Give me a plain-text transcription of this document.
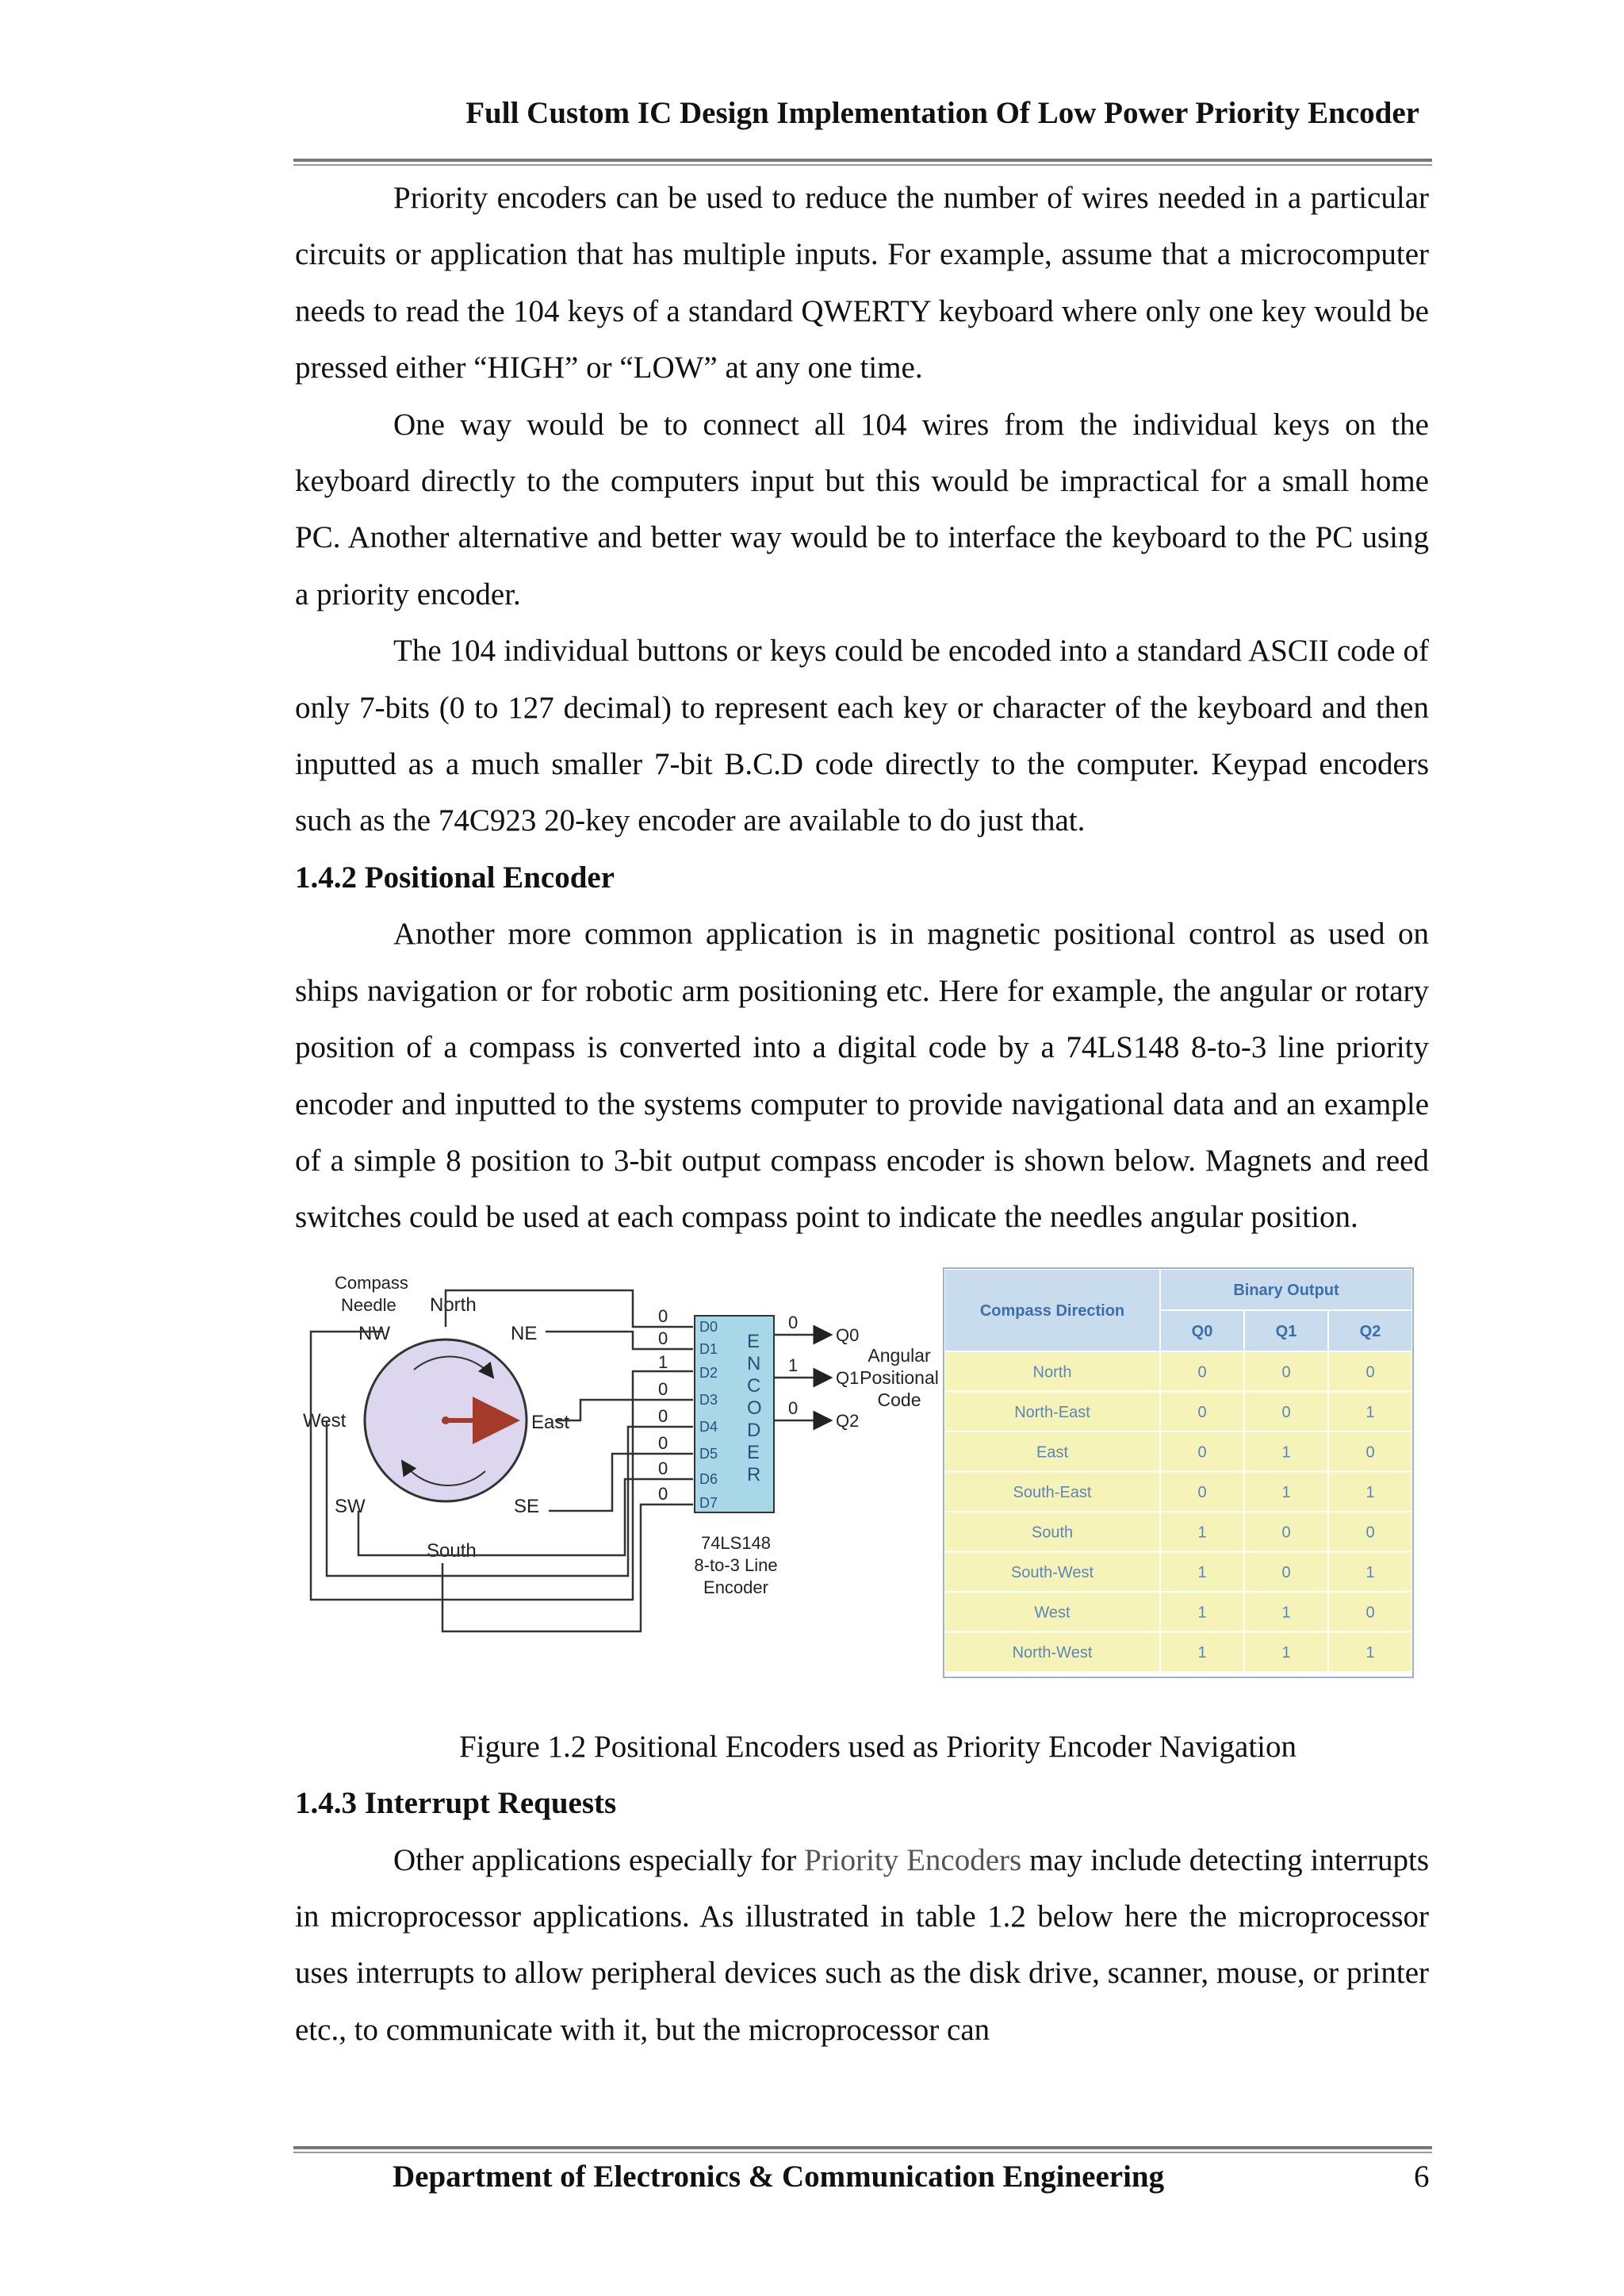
Full Custom IC Design Implementation Of Low Power Priority Encoder

Priority encoders can be used to reduce the number of wires needed in a particular circuits or application that has multiple inputs. For example, assume that a microcomputer needs to read the 104 keys of a standard QWERTY keyboard where only one key would be pressed either “HIGH” or “LOW” at any one time.

One way would be to connect all 104 wires from the individual keys on the keyboard directly to the computers input but this would be impractical for a small home PC. Another alternative and better way would be to interface the keyboard to the PC using a priority encoder.

The 104 individual buttons or keys could be encoded into a standard ASCII code of only 7-bits (0 to 127 decimal) to represent each key or character of the keyboard and then inputted as a much smaller 7-bit B.C.D code directly to the computer. Keypad encoders such as the 74C923 20-key encoder are available to do just that.

1.4.2 Positional Encoder

Another more common application is in magnetic positional control as used on ships navigation or for robotic arm positioning etc. Here for example, the angular or rotary position of a compass is converted into a digital code by a 74LS148 8-to-3 line priority encoder and inputted to the systems computer to provide navigational data and an example of a simple 8 position to 3-bit output compass encoder is shown below. Magnets and reed switches could be used at each compass point to indicate the needles angular position.

Compass
Needle North
NW	NE
West	East
SW	SE
South
0
0
1
0
0
0
0
0
D0
D1
D2
D3
D4
D5
D6
D7
E
N
C
O
D
E
R
0
1
0
Q0
Q1
Q2
Angular
Positional
Code
74LS148
8-to-3 Line
Encoder
Compass Direction
Binary Output
Q0	Q1	Q2
North	0	0	0
North-East	0	0	1
East	0	1	0
South-East	0	1	1
South	1	0	0
South-West	1	0	1
West	1	1	0
North-West	1	1	1

Figure 1.2 Positional Encoders used as Priority Encoder Navigation

1.4.3 Interrupt Requests

Other applications especially for Priority Encoders may include detecting interrupts in microprocessor applications. As illustrated in table 1.2 below here the microprocessor uses interrupts to allow peripheral devices such as the disk drive, scanner, mouse, or printer etc., to communicate with it, but the microprocessor can

Department of Electronics & Communication Engineering	6
